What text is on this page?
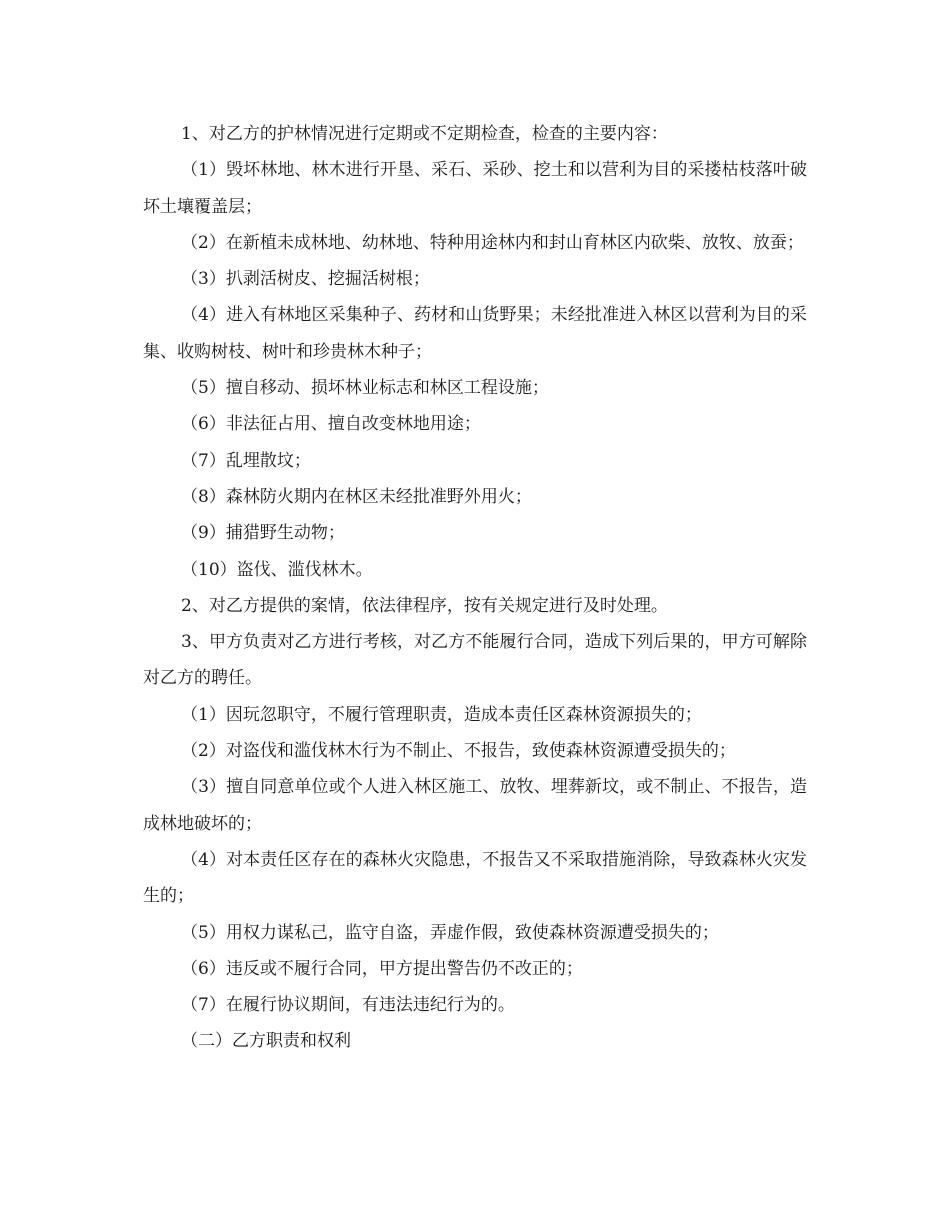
1、对乙方的护林情况进行定期或不定期检查，检查的主要内容：

（1）毁坏林地、林木进行开垦、采石、采砂、挖土和以营利为目的采搂枯枝落叶破坏土壤覆盖层；

（2）在新植未成林地、幼林地、特种用途林内和封山育林区内砍柴、放牧、放蚕；

（3）扒剥活树皮、挖掘活树根；

（4）进入有林地区采集种子、药材和山货野果；未经批准进入林区以营利为目的采集、收购树枝、树叶和珍贵林木种子；

（5）擅自移动、损坏林业标志和林区工程设施；

（6）非法征占用、擅自改变林地用途；

（7）乱埋散坟；

（8）森林防火期内在林区未经批准野外用火；

（9）捕猎野生动物；

（10）盗伐、滥伐林木。

2、对乙方提供的案情，依法律程序，按有关规定进行及时处理。

3、甲方负责对乙方进行考核，对乙方不能履行合同，造成下列后果的，甲方可解除对乙方的聘任。

（1）因玩忽职守，不履行管理职责，造成本责任区森林资源损失的；

（2）对盗伐和滥伐林木行为不制止、不报告，致使森林资源遭受损失的；

（3）擅自同意单位或个人进入林区施工、放牧、埋葬新坟，或不制止、不报告，造成林地破坏的；

（4）对本责任区存在的森林火灾隐患，不报告又不采取措施消除，导致森林火灾发生的；

（5）用权力谋私己，监守自盗，弄虚作假，致使森林资源遭受损失的；

（6）违反或不履行合同，甲方提出警告仍不改正的；

（7）在履行协议期间，有违法违纪行为的。

（二）乙方职责和权利
